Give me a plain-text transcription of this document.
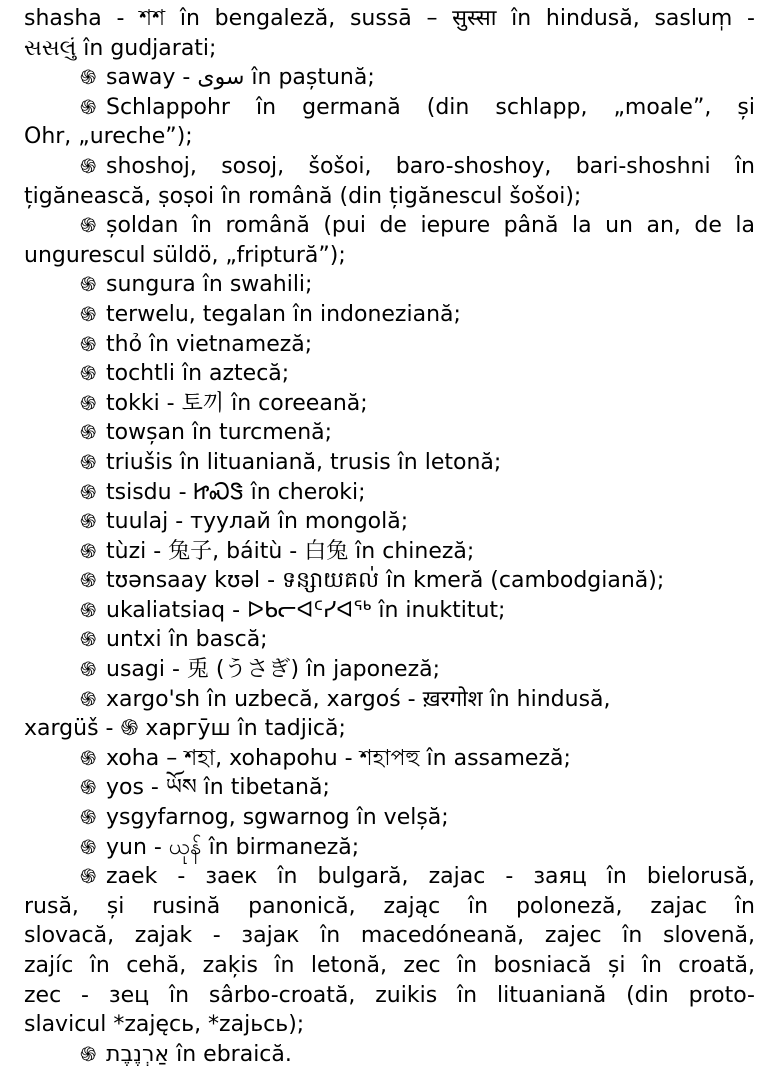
shasha - শশ în bengaleză, sussā – सुस्सा în hindusă, saslum̩ -
સસલું în gudjarati;
֍ saway - سوی în paștună;
֍ Schlappohr în germană (din schlapp, „moale”, și
Ohr, „ureche”);
֍ shoshoj, sosoj, šošoi, baro-shoshoy, bari-shoshni în
țigănească, ṣoṣoi în română (din țigănescul šošoi);
֍ șoldan în română (pui de iepure până la un an, de la
ungurescul süldö, „friptură”);
֍ sungura în swahili;
֍ terwelu, tegalan în indoneziană;
֍ thỏ în vietnameză;
֍ tochtli în aztecă;
֍ tokki - 토끼 în coreeană;
֍ towșan în turcmenă;
֍ triušis în lituaniană, trusis în letonă;
֍ tsisdu - ᏥᏍᏕ în cheroki;
֍ tuulaj - туулай în mongolă;
֍ tùzi - 兔子, báitù - 白兔 în chineză;
֍ tʊənsaay kʊəl - ទន្សាយគល់ în kmeră (cambodgiană);
֍ ukaliatsiaq - ᐅᑲᓕᐊᑦᓯᐊᖅ în inuktitut;
֍ untxi în bască;
֍ usagi - 兎 (うさぎ) în japoneză;
֍ xargo'sh în uzbecă, xargoś - ख़रगोश în hindusă,
xargüš - ֍ харгӯш în tadjică;
֍ xoha – শহা, xohapohu - শহাপহু în assameză;
֍ yos - ཡོས în tibetană;
֍ ysgyfarnog, sgwarnog în velșă;
֍ yun - ယုန် în birmaneză;
֍ zaek - заек în bulgară, zajac - заяц în bielorusă,
rusă, și rusină panonică, zając în poloneză, zajac în
slovacă, zajak - зајак în macedóneană, zajec în slovenă,
zajíc în cehă, zaķis în letonă, zec în bosniacă și în croată,
zec - зец în sârbo-croată, zuikis în lituaniană (din proto-
slavicul *zajęcь, *zajьcь);
֍ אַרְנֶבֶת în ebraică.
